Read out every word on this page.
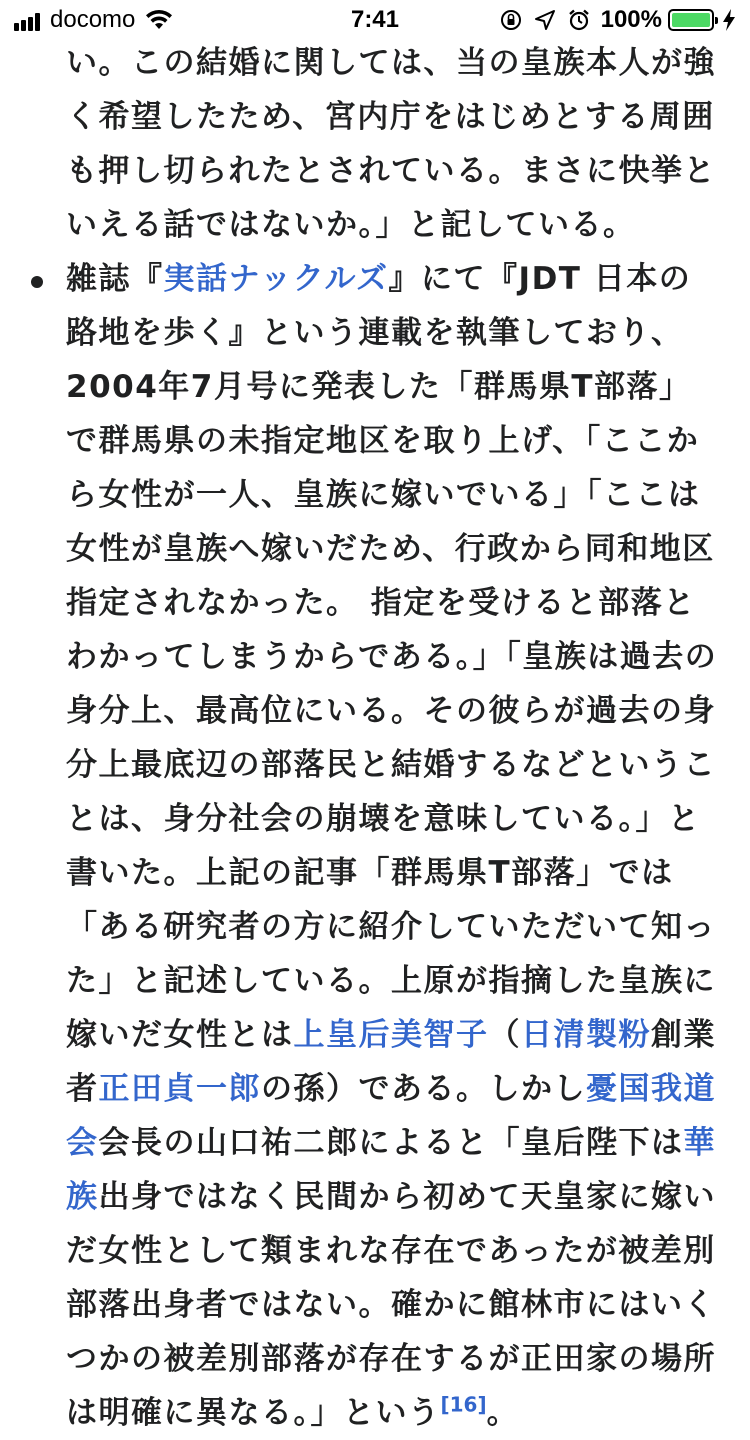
docomo	7:41	100%
い。この結婚に関しては、当の皇族本人が強く希望したため、宮内庁をはじめとする周囲も押し切られたとされている。まさに快挙といえる話ではないか。」と記している。
雑誌『実話ナックルズ』にて『JDT 日本の路地を歩く』という連載を執筆しており、2004年7月号に発表した「群馬県T部落」で群馬県の未指定地区を取り上げ、「ここから女性が一人、皇族に嫁いでいる」「ここは女性が皇族へ嫁いだため、行政から同和地区指定されなかった。 指定を受けると部落とわかってしまうからである。」「皇族は過去の身分上、最高位にいる。その彼らが過去の身分上最底辺の部落民と結婚するなどということは、身分社会の崩壊を意味している。」と書いた。上記の記事「群馬県T部落」では「ある研究者の方に紹介していただいて知った」と記述している。上原が指摘した皇族に嫁いだ女性とは上皇后美智子（日清製粉創業者正田貞一郎の孫）である。しかし憂国我道会会長の山口祐二郎によると「皇后陛下は華族出身ではなく民間から初めて天皇家に嫁いだ女性として類まれな存在であったが被差別部落出身者ではない。確かに館林市にはいくつかの被差別部落が存在するが正田家の場所は明確に異なる。」という[16]。
